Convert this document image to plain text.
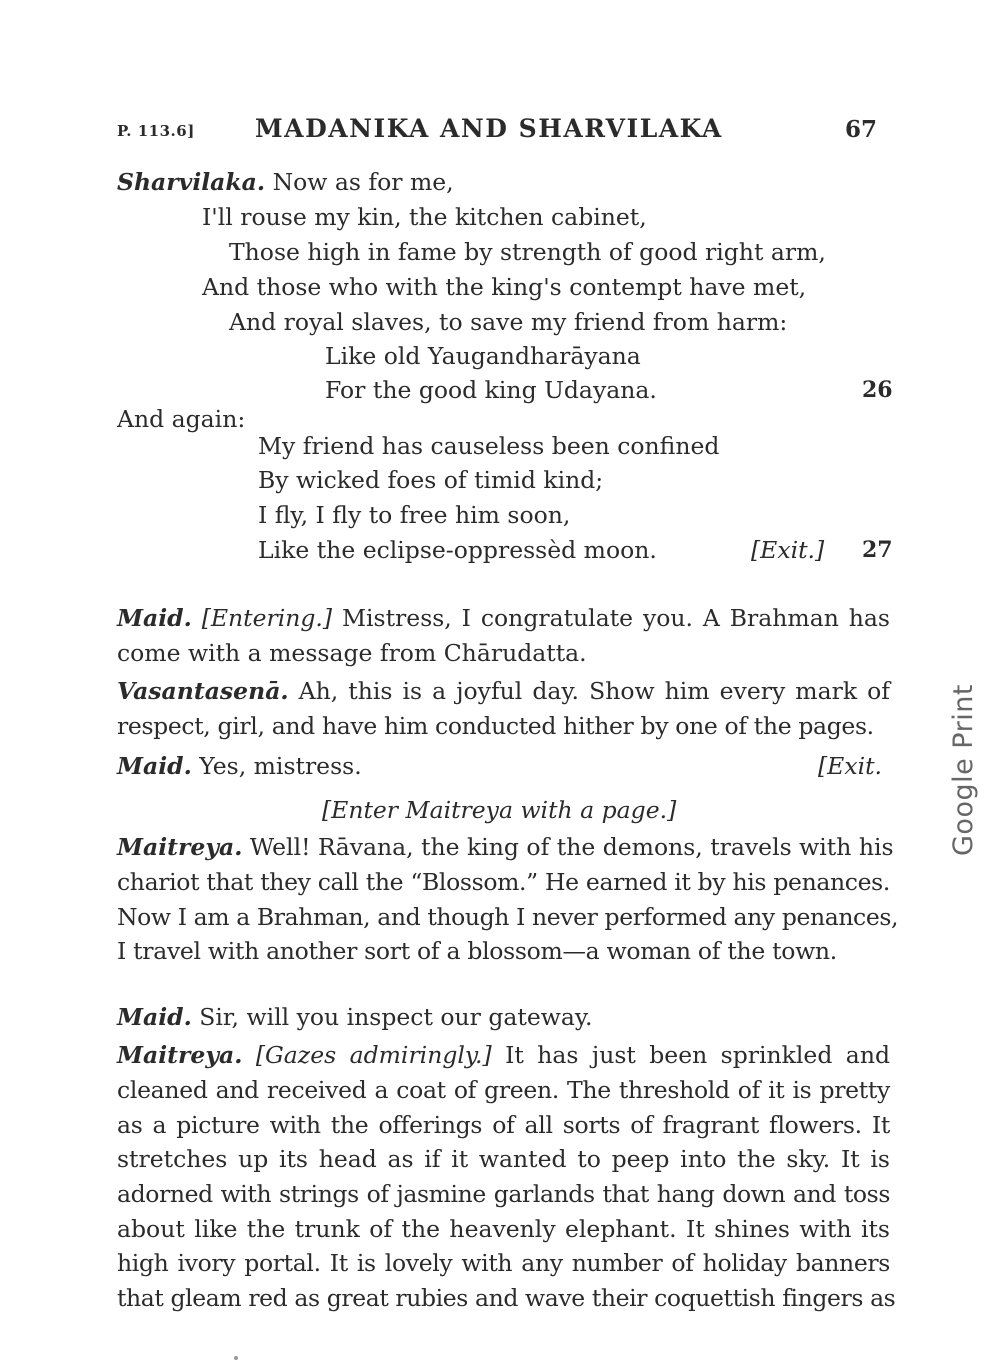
P. 113.6] MADANIKA AND SHARVILAKA	67
Sharvilaka. Now as for me,
I'll rouse my kin, the kitchen cabinet,
Those high in fame by strength of good right arm,
And those who with the king's contempt have met,
And royal slaves, to save my friend from harm:
Like old Yaugandharāyana
For the good king Udayana.	26
And again:
My friend has causeless been confined
By wicked foes of timid kind;
I fly, I fly to free him soon,
Like the eclipse-oppressèd moon.	[Exit.] 27
Maid. [Entering.] Mistress, I congratulate you. A Brahman has
come with a message from Chārudatta.
Vasantasenā. Ah, this is a joyful day. Show him every mark of
respect, girl, and have him conducted hither by one of the pages.
Maid. Yes, mistress.	[Exit.
[Enter Maitreya with a page.]
Maitreya. Well! Rāvana, the king of the demons, travels with his
chariot that they call the “Blossom.” He earned it by his penances.
Now I am a Brahman, and though I never performed any penances,
I travel with another sort of a blossom—a woman of the town.
Maid. Sir, will you inspect our gateway.
Maitreya. [Gazes admiringly.] It has just been sprinkled and
cleaned and received a coat of green. The threshold of it is pretty
as a picture with the offerings of all sorts of fragrant flowers. It
stretches up its head as if it wanted to peep into the sky. It is
adorned with strings of jasmine garlands that hang down and toss
about like the trunk of the heavenly elephant. It shines with its
high ivory portal. It is lovely with any number of holiday banners
that gleam red as great rubies and wave their coquettish fingers as
Google Print
